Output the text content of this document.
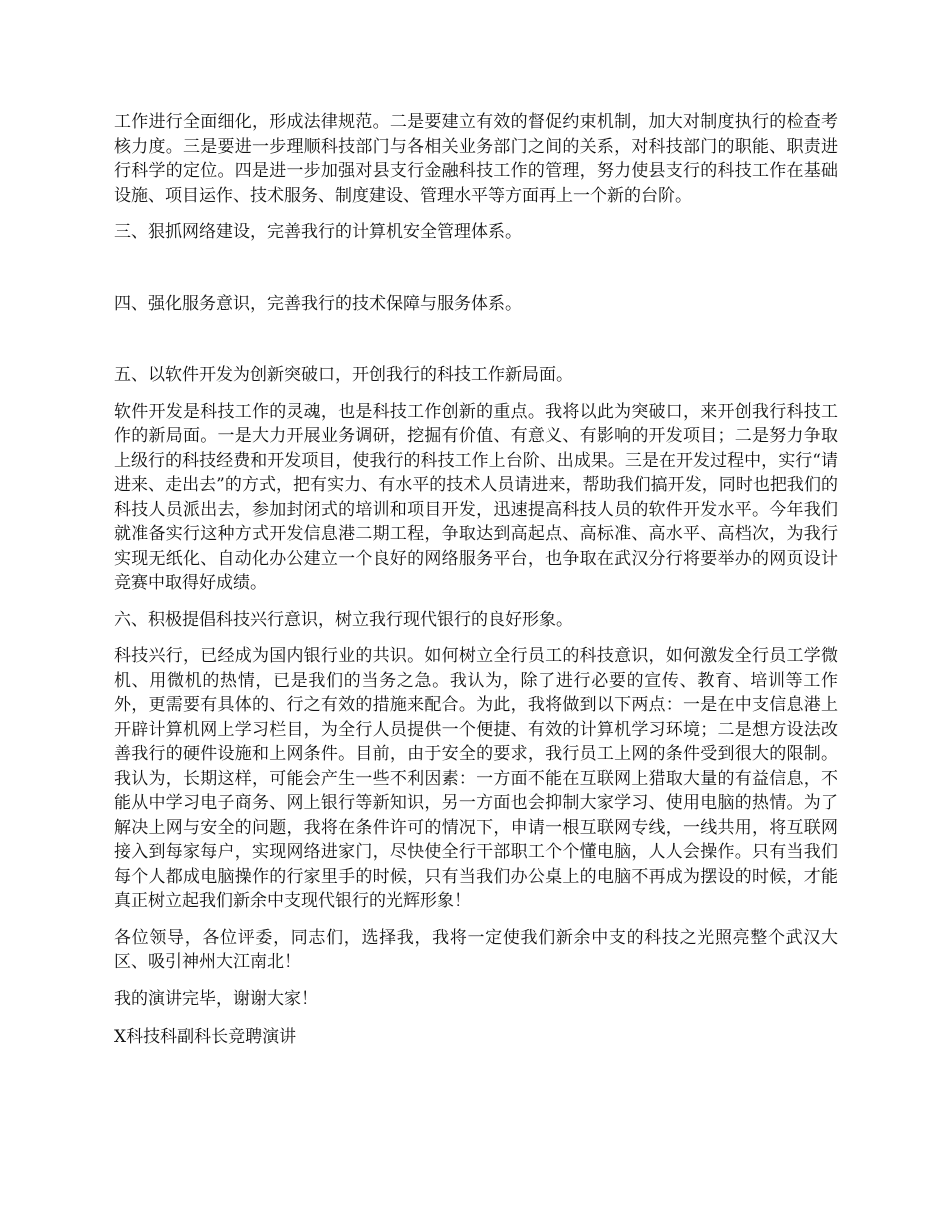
工作进行全面细化，形成法律规范。二是要建立有效的督促约束机制，加大对制度执行的检查考核力度。三是要进一步理顺科技部门与各相关业务部门之间的关系，对科技部门的职能、职责进行科学的定位。四是进一步加强对县支行金融科技工作的管理，努力使县支行的科技工作在基础设施、项目运作、技术服务、制度建设、管理水平等方面再上一个新的台阶。

三、狠抓网络建设，完善我行的计算机安全管理体系。

四、强化服务意识，完善我行的技术保障与服务体系。

五、以软件开发为创新突破口，开创我行的科技工作新局面。

软件开发是科技工作的灵魂，也是科技工作创新的重点。我将以此为突破口，来开创我行科技工作的新局面。一是大力开展业务调研，挖掘有价值、有意义、有影响的开发项目；二是努力争取上级行的科技经费和开发项目，使我行的科技工作上台阶、出成果。三是在开发过程中，实行“请进来、走出去”的方式，把有实力、有水平的技术人员请进来，帮助我们搞开发，同时也把我们的科技人员派出去，参加封闭式的培训和项目开发，迅速提高科技人员的软件开发水平。今年我们就准备实行这种方式开发信息港二期工程，争取达到高起点、高标准、高水平、高档次，为我行实现无纸化、自动化办公建立一个良好的网络服务平台，也争取在武汉分行将要举办的网页设计竞赛中取得好成绩。

六、积极提倡科技兴行意识，树立我行现代银行的良好形象。

科技兴行，已经成为国内银行业的共识。如何树立全行员工的科技意识，如何激发全行员工学微机、用微机的热情，已是我们的当务之急。我认为，除了进行必要的宣传、教育、培训等工作外，更需要有具体的、行之有效的措施来配合。为此，我将做到以下两点：一是在中支信息港上开辟计算机网上学习栏目，为全行人员提供一个便捷、有效的计算机学习环境；二是想方设法改善我行的硬件设施和上网条件。目前，由于安全的要求，我行员工上网的条件受到很大的限制。我认为，长期这样，可能会产生一些不利因素：一方面不能在互联网上猎取大量的有益信息，不能从中学习电子商务、网上银行等新知识，另一方面也会抑制大家学习、使用电脑的热情。为了解决上网与安全的问题，我将在条件许可的情况下，申请一根互联网专线，一线共用，将互联网接入到每家每户，实现网络进家门，尽快使全行干部职工个个懂电脑，人人会操作。只有当我们每个人都成电脑操作的行家里手的时候，只有当我们办公桌上的电脑不再成为摆设的时候，才能真正树立起我们新余中支现代银行的光辉形象！

各位领导，各位评委，同志们，选择我，我将一定使我们新余中支的科技之光照亮整个武汉大区、吸引神州大江南北！

我的演讲完毕，谢谢大家！

X科技科副科长竞聘演讲
